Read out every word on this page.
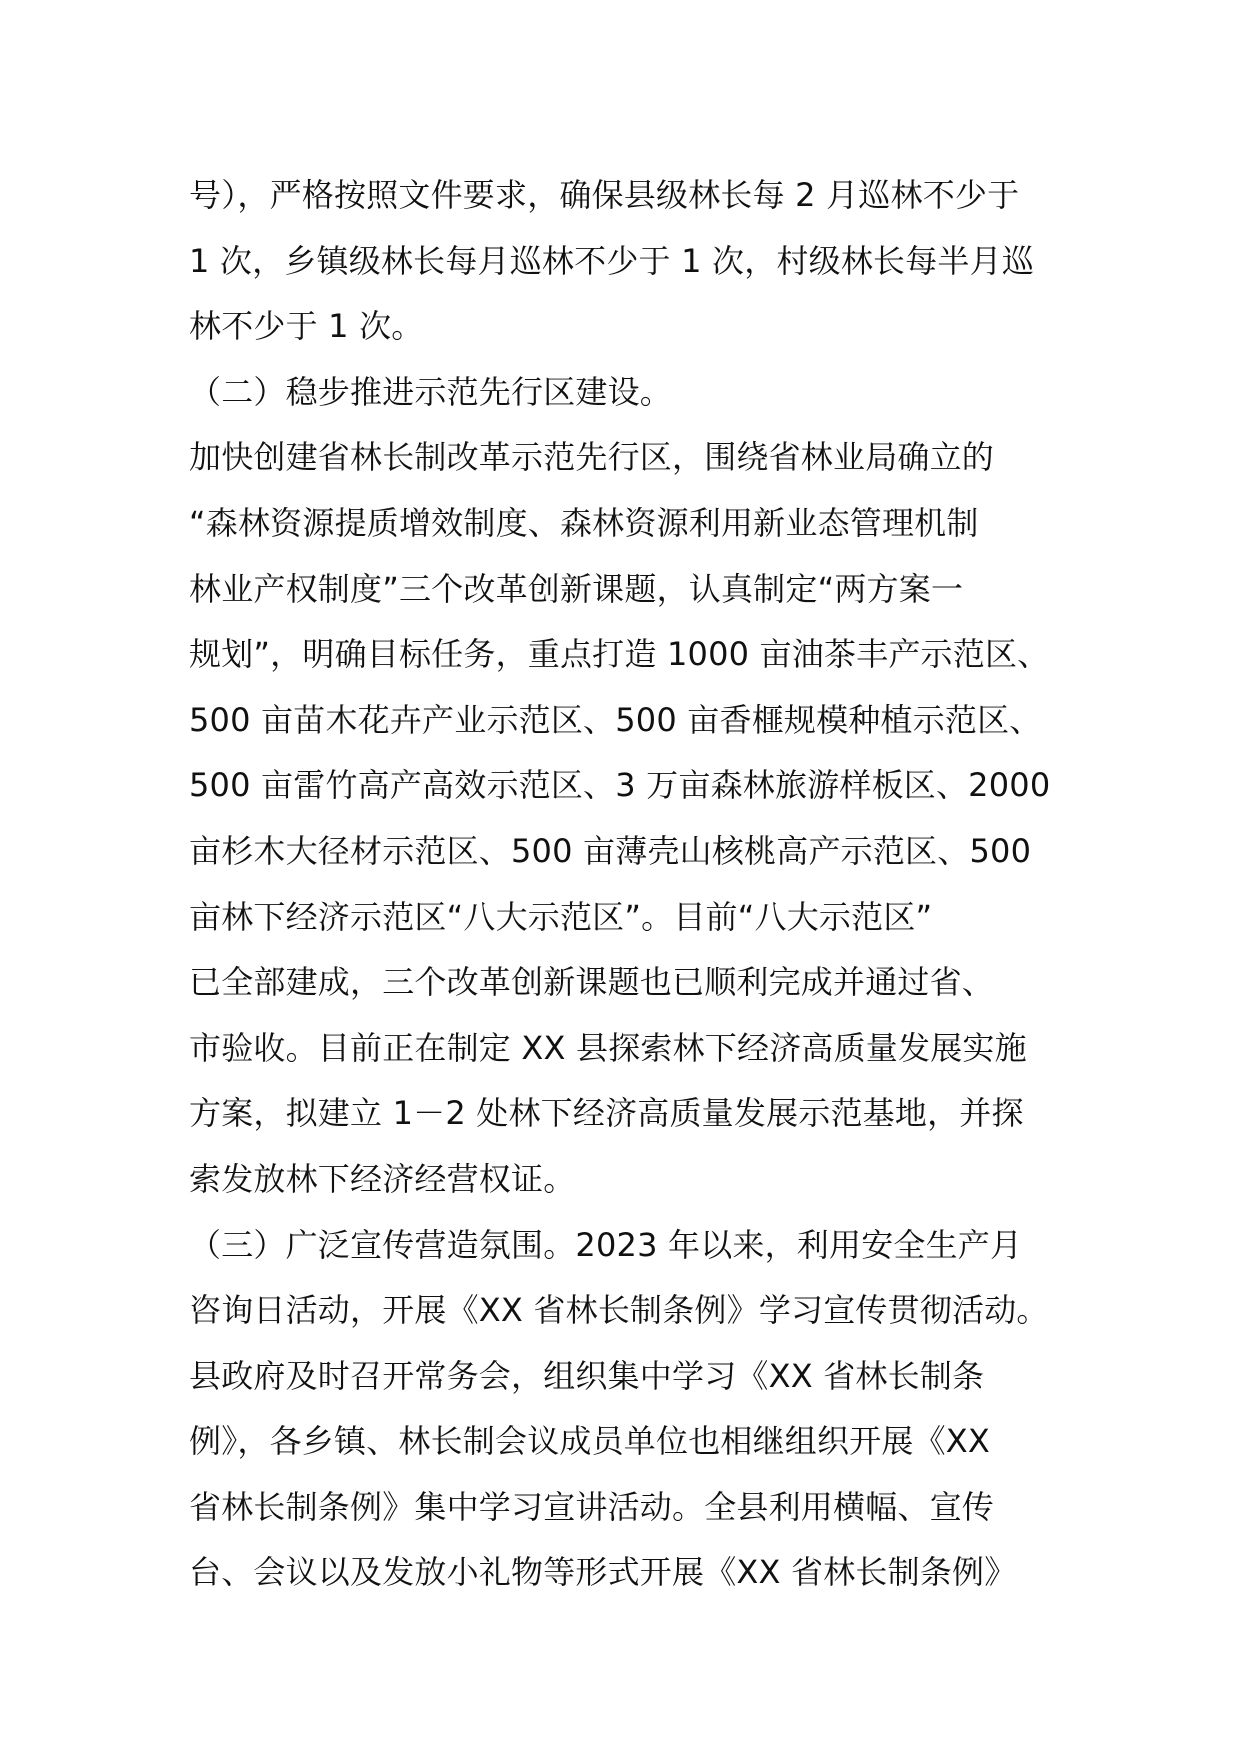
号），严格按照文件要求，确保县级林长每 2 月巡林不少于
1 次，乡镇级林长每月巡林不少于 1 次，村级林长每半月巡
林不少于 1 次。
（二）稳步推进示范先行区建设。
加快创建省林长制改革示范先行区，围绕省林业局确立的
“森林资源提质增效制度、森林资源利用新业态管理机制
林业产权制度”三个改革创新课题，认真制定“两方案一
规划”，明确目标任务，重点打造 1000 亩油茶丰产示范区、
500 亩苗木花卉产业示范区、500 亩香榧规模种植示范区、
500 亩雷竹高产高效示范区、3 万亩森林旅游样板区、2000
亩杉木大径材示范区、500 亩薄壳山核桃高产示范区、500
亩林下经济示范区“八大示范区”。目前“八大示范区”
已全部建成，三个改革创新课题也已顺利完成并通过省、
市验收。目前正在制定 XX 县探索林下经济高质量发展实施
方案，拟建立 1－2 处林下经济高质量发展示范基地，并探
索发放林下经济经营权证。
（三）广泛宣传营造氛围。2023 年以来，利用安全生产月
咨询日活动，开展《XX 省林长制条例》学习宣传贯彻活动。
县政府及时召开常务会，组织集中学习《XX 省林长制条
例》，各乡镇、林长制会议成员单位也相继组织开展《XX
省林长制条例》集中学习宣讲活动。全县利用横幅、宣传
台、会议以及发放小礼物等形式开展《XX 省林长制条例》
